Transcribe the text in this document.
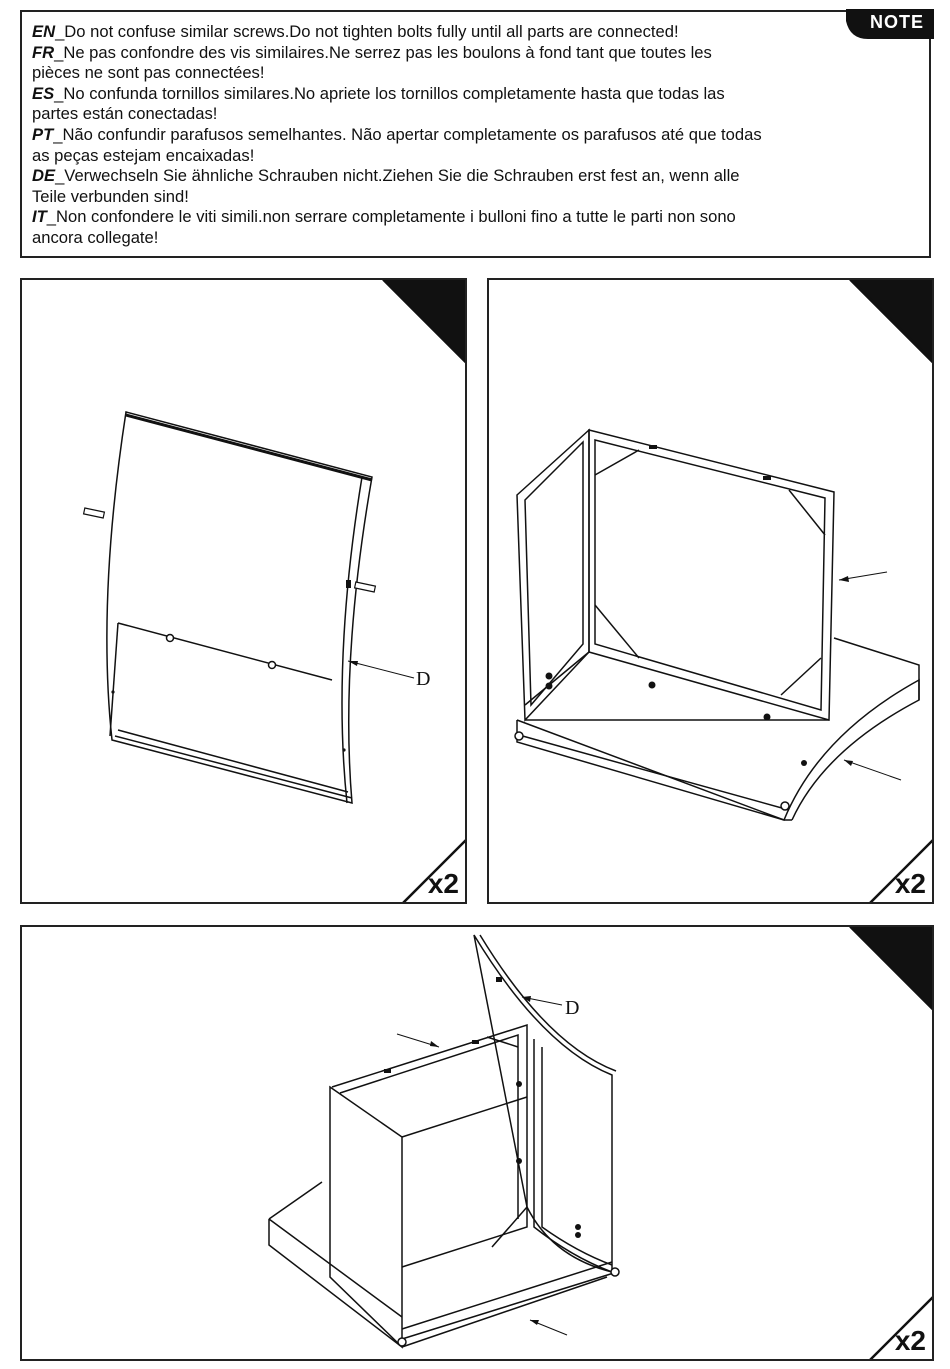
EN_Do not confuse similar screws.Do not tighten bolts fully until all parts are connected!
FR_Ne pas confondre des vis similaires.Ne serrez pas les boulons à fond tant que toutes les
pièces ne sont pas connectées!
ES_No confunda tornillos similares.No apriete los tornillos completamente hasta que todas las
partes están conectadas!
PT_Não confundir parafusos semelhantes. Não apertar completamente os parafusos até que todas
as peças estejam encaixadas!
DE_Verwechseln Sie ähnliche Schrauben nicht.Ziehen Sie die Schrauben erst fest an, wenn alle
Teile verbunden sind!
IT_Non confondere le viti simili.non serrare completamente i bulloni fino a tutte le parti non sono
ancora collegate!
NOTE
D
x2	x2
D
x2
